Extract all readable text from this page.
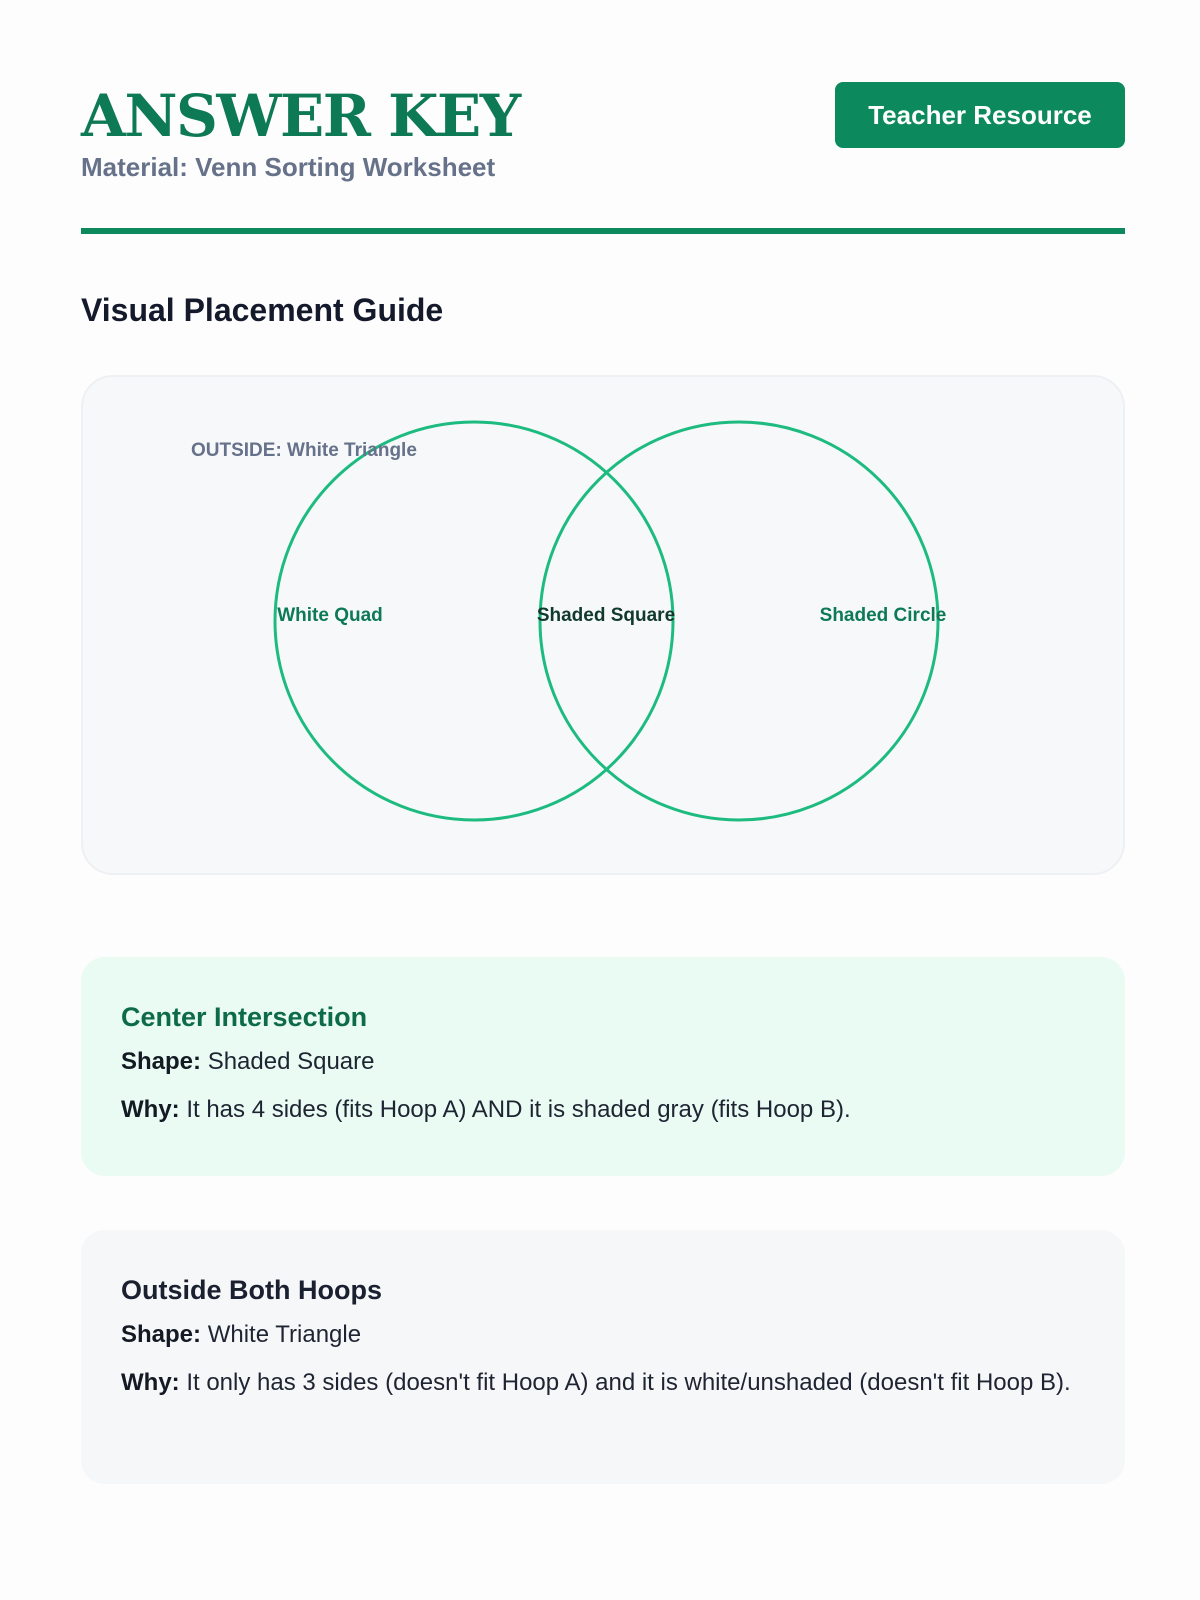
ANSWER KEY
Material: Venn Sorting Worksheet
Teacher Resource
Visual Placement Guide
OUTSIDE: White Triangle
White Quad	Shaded Square	Shaded Circle
Center Intersection

Shape: Shaded Square

Why: It has 4 sides (fits Hoop A) AND it is shaded gray (fits Hoop B).

Outside Both Hoops

Shape: White Triangle

Why: It only has 3 sides (doesn't fit Hoop A) and it is white/unshaded (doesn't fit Hoop B).
